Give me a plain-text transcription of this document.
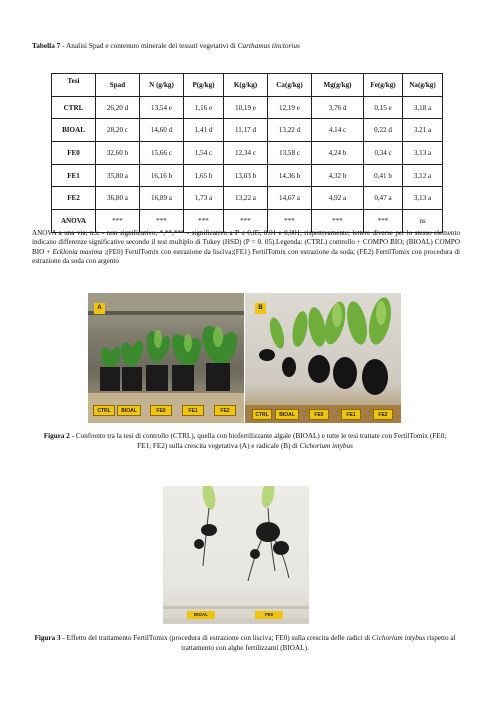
Tabella 7 - Analisi Spad e contenuto minerale dei tessuti vegetativi di Carthamus tinctorius
Tesi	Spad	N (g/kg)	P(g/kg)	K(g/kg)	Ca(g/kg)	Mg(g/kg)	Fe(g/kg)	Na(g/kg)
CTRL	26,20 d	13,54 e	1,16 e	10,19 e	12,19 e	3,76 d	0,15 e	3,18 a
BIOAL	28,20 c	14,60 d	1,41 d	11,17 d	13,22 d	4,14 c	0,22 d	3,21 a
FE0	32,60 b	15,66 c	1,54 c	12,34 c	13,58 c	4,24 b	0,34 c	3,13 a
FE1	35,80 a	16,16 b	1,65 b	13,03 b	14,36 b	4,32 b	0,41 b	3,12 a
FE2	36,80 a	16,89 a	1,73 a	13,22 a	14,67 a	4,92 a	0,47 a	3,13 a
ANOVA	***	***	***	***	***	***	***	ns
ANOVA a una via; n.s. - non significativo; *,**,*** - significativo a P ≤ 0,05, 0,01 e 0,001, rispettivamente; lettere diverse per lo stesso elemento indicano differenze significative secondo il test multiplo di Tukey (HSD) (P = 0. 05).Legenda: (CTRL) controllo + COMPO BIO; (BIOAL) COMPO BIO + Ecklonia maxima ;(FE0) FertilTomix con estrazione da lisciva;(FE1) FertilTomix con estrazione da soda; (FE2) FertilTomix con procedura di estrazione da soda con argento
A
CTRL	BIOAL	FE0	FE1	FE2
B
CTRL	BIOAL	FE0	FE1	FE2
Figura 2 - Confronto tra la tesi di controllo (CTRL), quella con biofertilizzante algale (BIOAL) e tutte le tesi trattate con FertilTomix (FE0; FE1; FE2) sulla crescita vegetativa (A) e radicale (B) di Cichorium intybus
BIOAL	FE0
Figura 3 - Effetto del trattamento FertilTomix (procedura di estrazione con lisciva; FE0) sulla crescita delle radici di Cichorium intybus rispetto al trattamento con alghe fertilizzanti (BIOAL).
